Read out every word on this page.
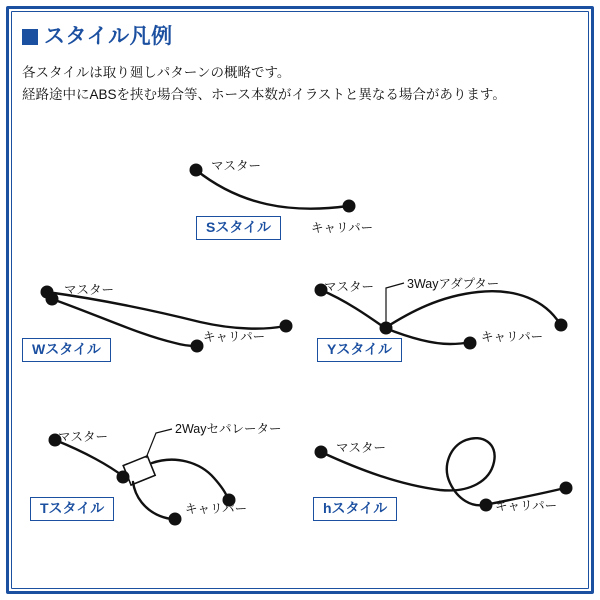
スタイル凡例
各スタイルは取り廻しパターンの概略です。
経路途中にABSを挟む場合等、ホース本数がイラストと異なる場合があります。
マスター
キャリパー
マスター
キャリパー
マスター	3Wayアダプター
キャリパー
マスター
2Wayセパレーター
キャリパー
マスター
キャリパー
Sスタイル
Wスタイル	Yスタイル
Tスタイル	hスタイル
